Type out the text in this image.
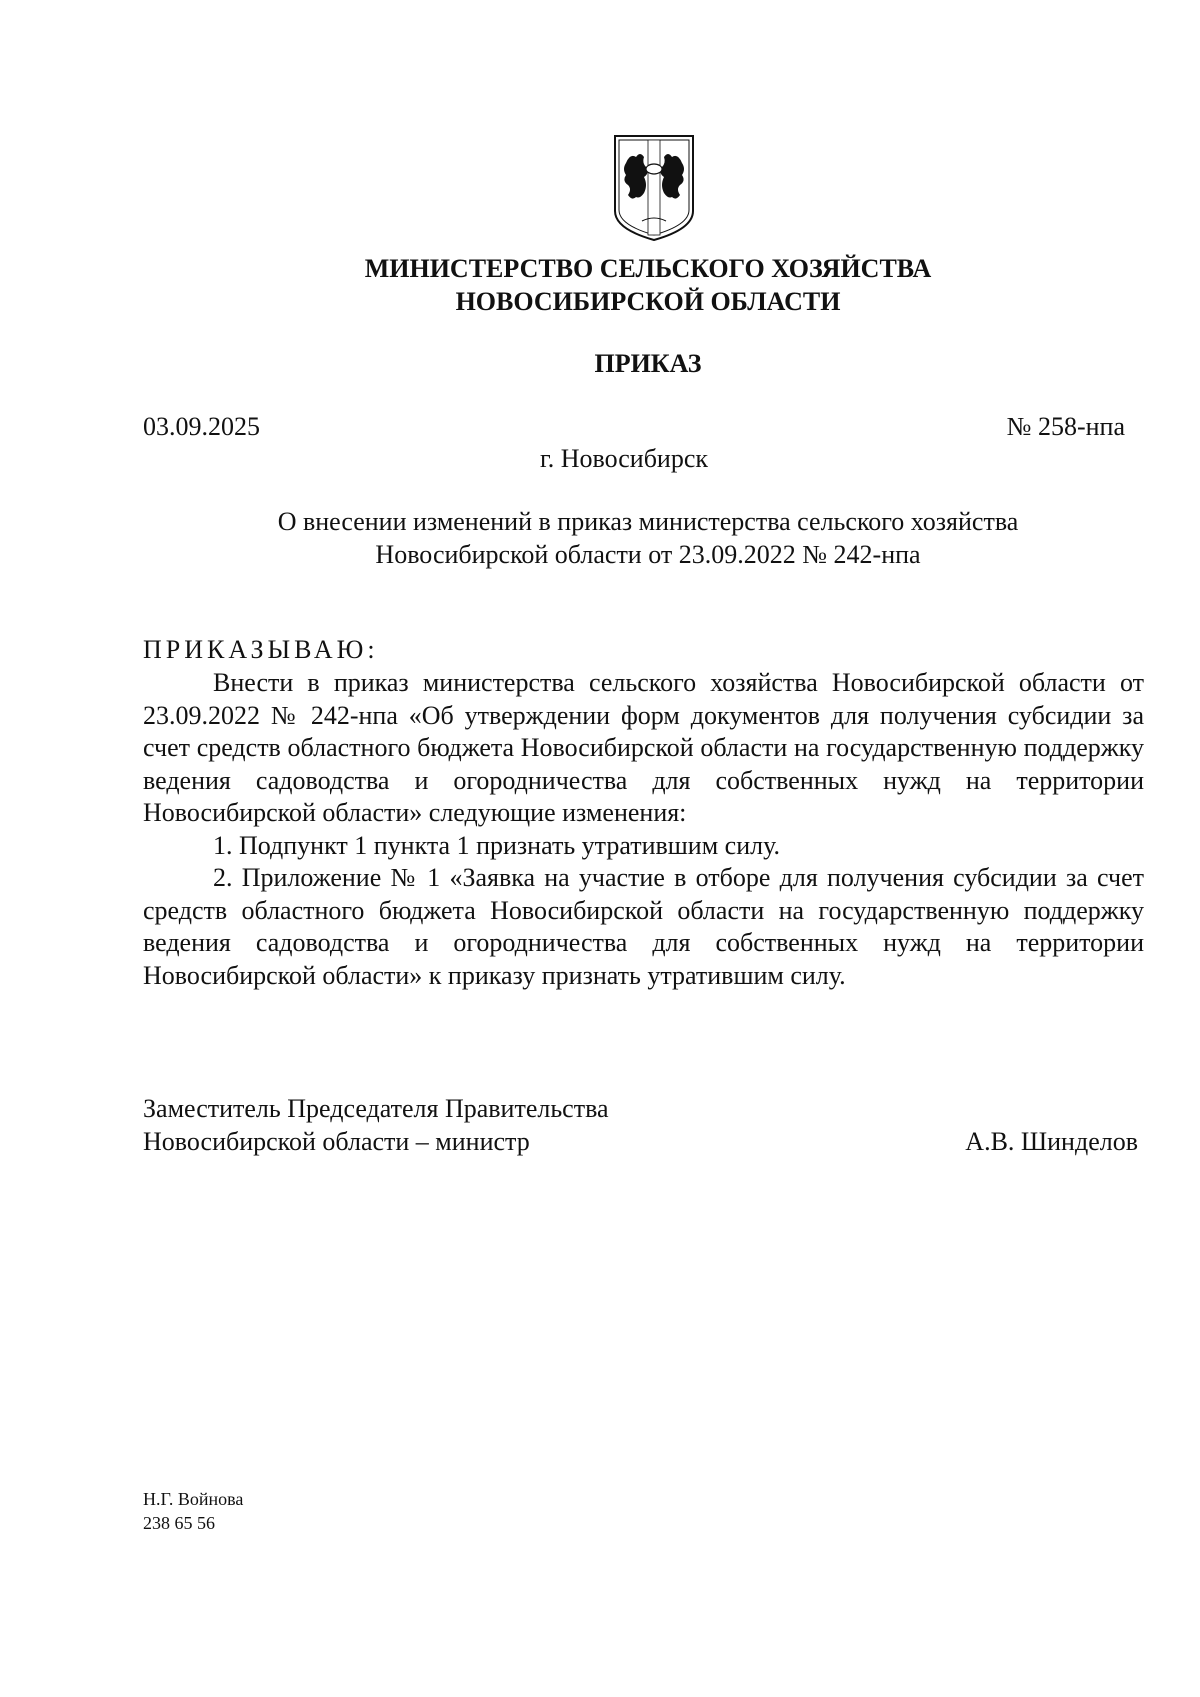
МИНИСТЕРСТВО СЕЛЬСКОГО ХОЗЯЙСТВА
НОВОСИБИРСКОЙ ОБЛАСТИ
ПРИКАЗ
03.09.2025	№ 258-нпа
г. Новосибирск
О внесении изменений в приказ министерства сельского хозяйства
Новосибирской области от 23.09.2022 № 242-нпа
ПРИКАЗЫВАЮ:

Внести в приказ министерства сельского хозяйства Новосибирской области от 23.09.2022 № 242-нпа «Об утверждении форм документов для получения субсидии за счет средств областного бюджета Новосибирской области на государственную поддержку ведения садоводства и огородничества для собственных нужд на территории Новосибирской области» следующие изменения:

1. Подпункт 1 пункта 1 признать утратившим силу.

2. Приложение № 1 «Заявка на участие в отборе для получения субсидии за счет средств областного бюджета Новосибирской области на государственную поддержку ведения садоводства и огородничества для собственных нужд на территории Новосибирской области» к приказу признать утратившим силу.

Заместитель Председателя Правительства
Новосибирской области – министр	А.В. Шинделов
Н.Г. Войнова
238 65 56
